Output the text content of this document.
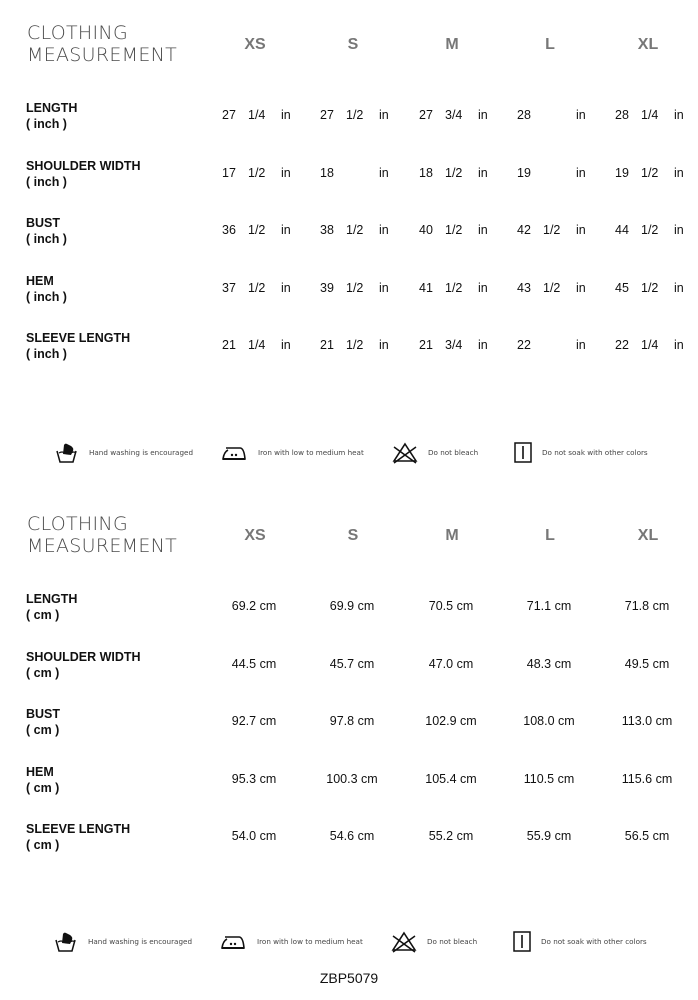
CLOTHING
MEASUREMENT	XS	S	M	L	XL
LENGTH
( inch )
27 1/4 in 27 1/2 in 27 3/4 in 28	in 28 1/4 in
SHOULDER WIDTH
( inch )
17 1/2 in 18	in 18 1/2 in 19	in 19 1/2 in
BUST
( inch )
36 1/2 in 38 1/2 in 40 1/2 in 42 1/2 in 44 1/2 in
HEM
( inch )
37 1/2 in 39 1/2 in 41 1/2 in 43 1/2 in 45 1/2 in
SLEEVE LENGTH
( inch )
21 1/4 in 21 1/2 in 21 3/4 in 22	in 22 1/4 in
Hand washing is encouraged	Iron with low to medium heat	Do not bleach	Do not soak with other colors
CLOTHING
MEASUREMENT	XS	S	M	L	XL
LENGTH
( cm )
69.2 cm	69.9 cm	70.5 cm	71.1 cm	71.8 cm
SHOULDER WIDTH
( cm )
44.5 cm	45.7 cm	47.0 cm	48.3 cm	49.5 cm
BUST
( cm )
92.7 cm	97.8 cm	102.9 cm	108.0 cm	113.0 cm
HEM
( cm )
95.3 cm	100.3 cm	105.4 cm	110.5 cm	115.6 cm
SLEEVE LENGTH
( cm )
54.0 cm	54.6 cm	55.2 cm	55.9 cm	56.5 cm
Hand washing is encouraged	Iron with low to medium heat	Do not bleach	Do not soak with other colors
ZBP5079
